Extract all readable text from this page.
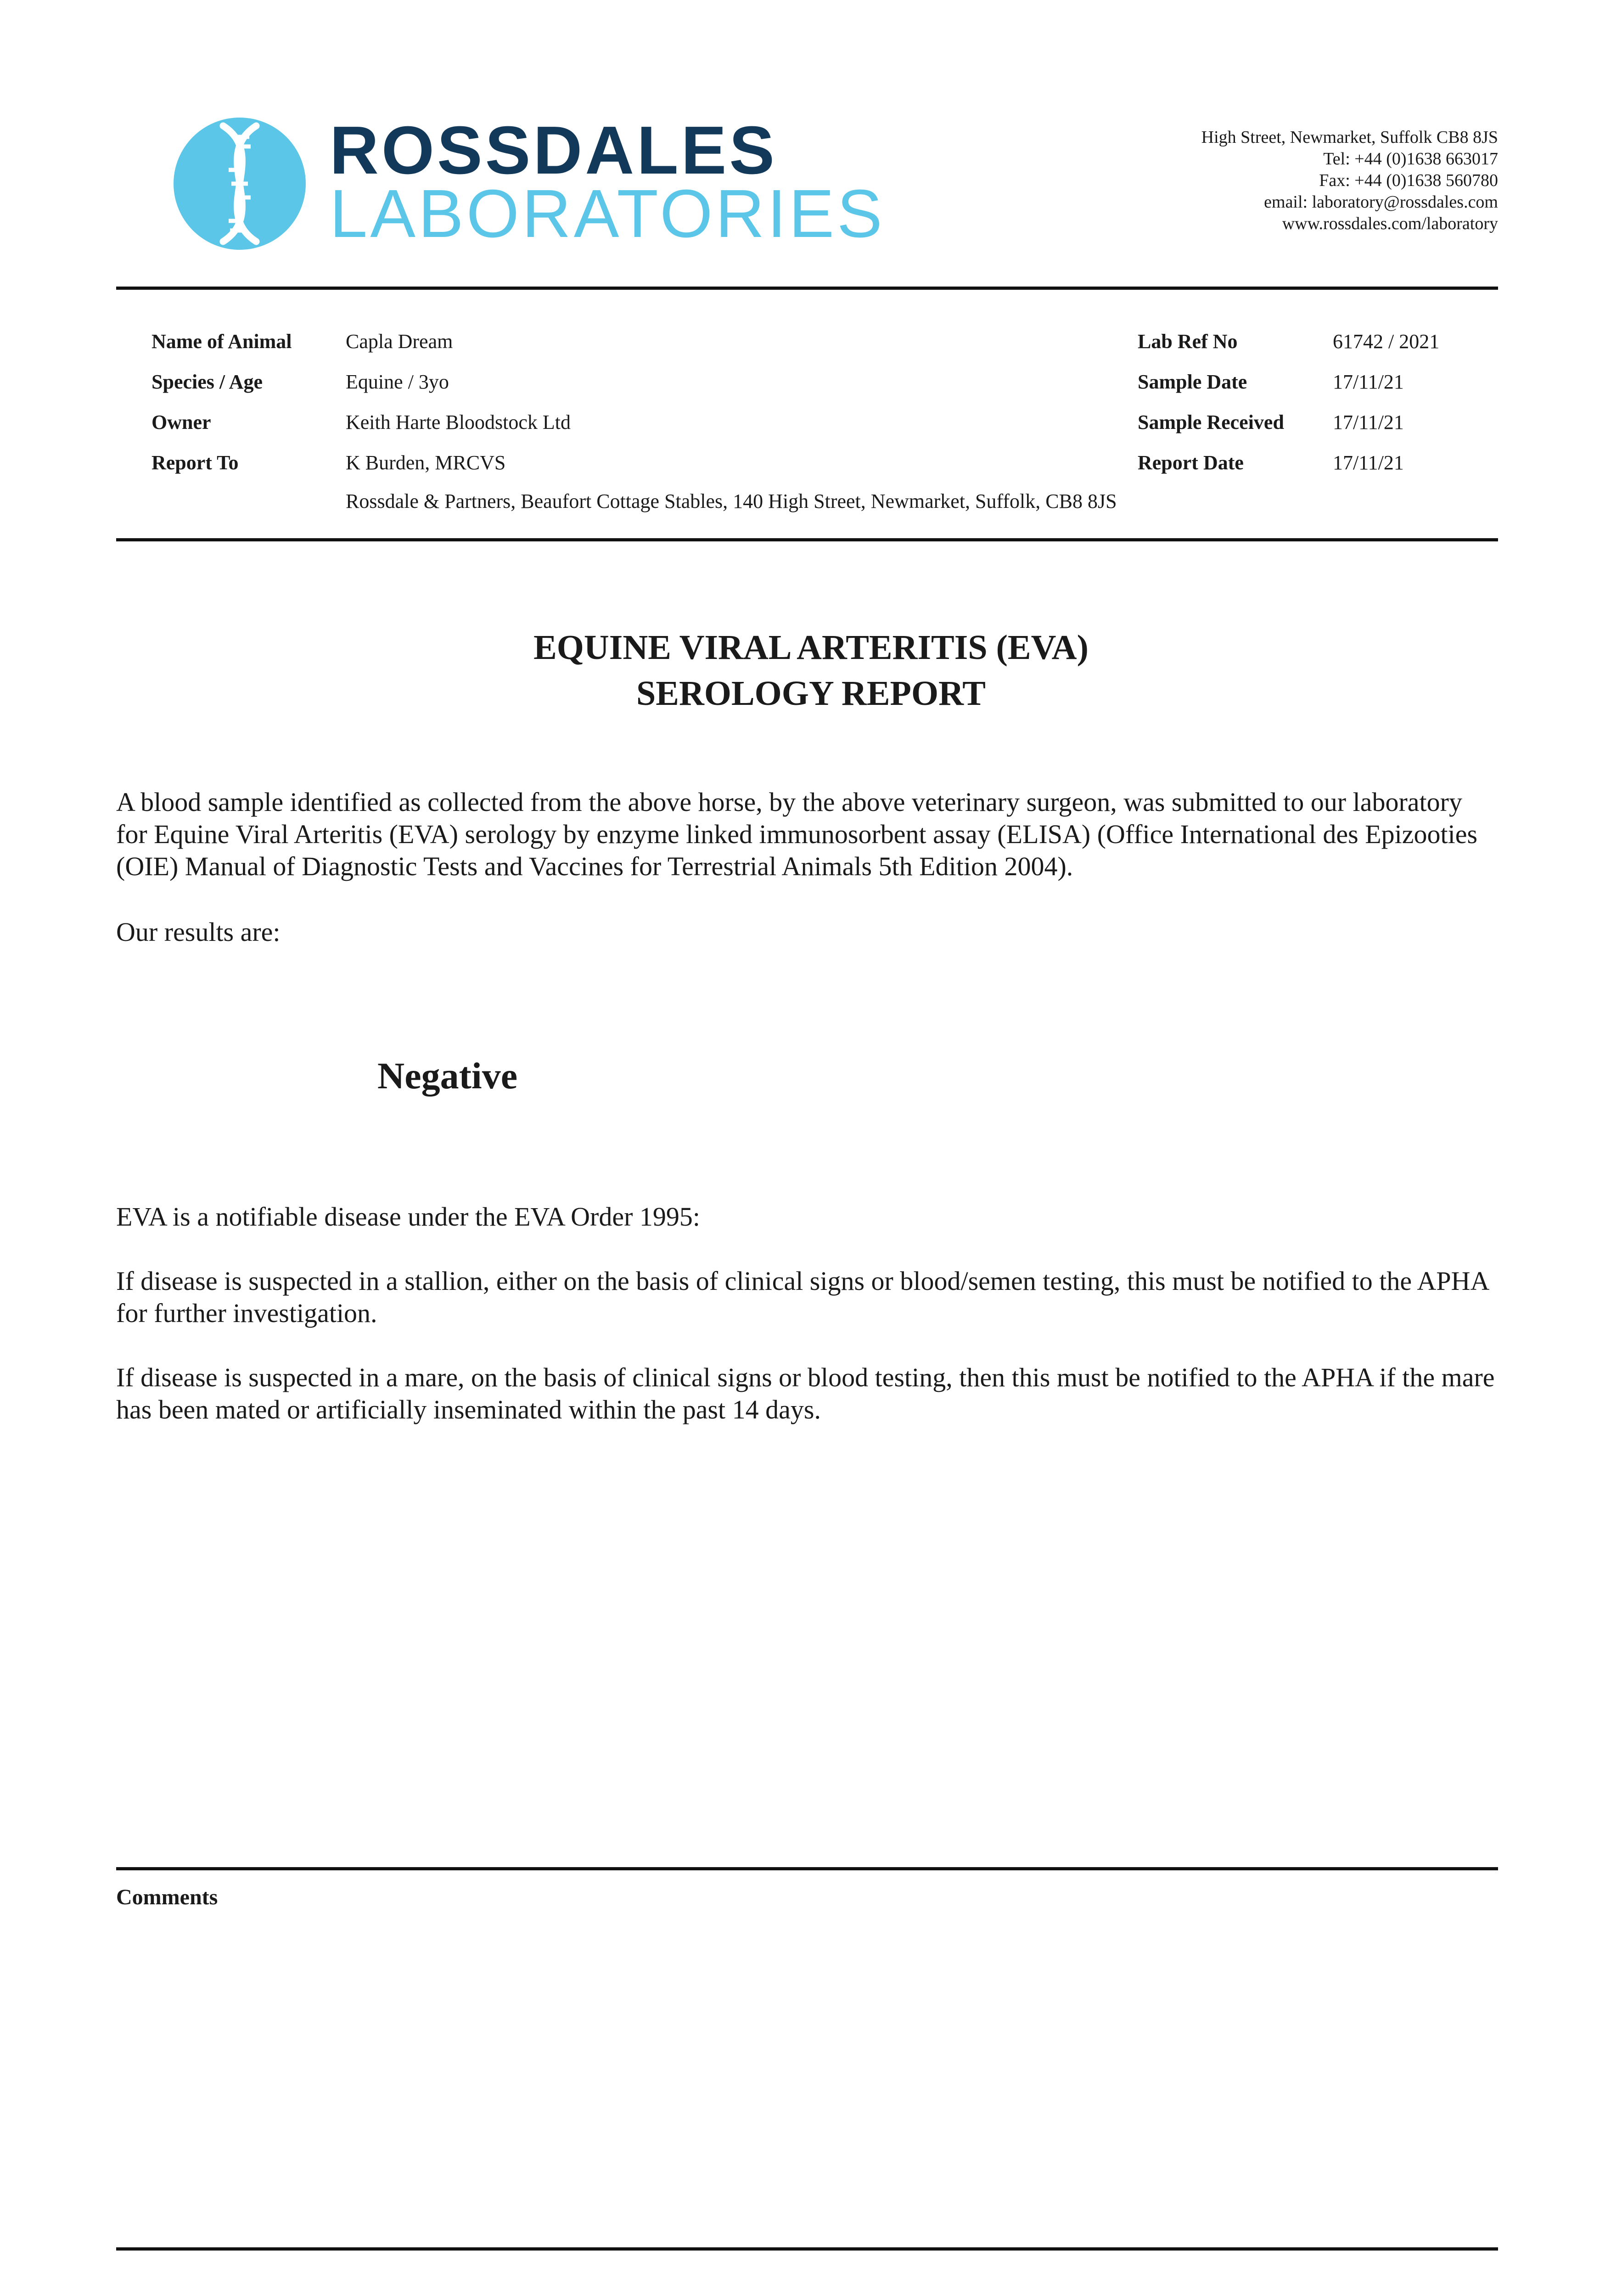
ROSSDALES
LABORATORIES
High Street, Newmarket, Suffolk CB8 8JS
Tel: +44 (0)1638 663017
Fax: +44 (0)1638 560780
email: laboratory@rossdales.com
www.rossdales.com/laboratory
Name of Animal	Capla Dream
Species / Age	Equine / 3yo
Owner	Keith Harte Bloodstock Ltd
Report To	K Burden, MRCVS
Rossdale & Partners, Beaufort Cottage Stables, 140 High Street, Newmarket, Suffolk, CB8 8JS
Lab Ref No	61742 / 2021
Sample Date	17/11/21
Sample Received 17/11/21
Report Date	17/11/21
EQUINE VIRAL ARTERITIS (EVA)
SEROLOGY REPORT
A blood sample identified as collected from the above horse, by the above veterinary surgeon, was submitted to our laboratory for Equine Viral Arteritis (EVA) serology by enzyme linked immunosorbent assay (ELISA) (Office International des Epizooties (OIE) Manual of Diagnostic Tests and Vaccines for Terrestrial Animals 5th Edition 2004).
Our results are:
Negative
EVA is a notifiable disease under the EVA Order 1995:
If disease is suspected in a stallion, either on the basis of clinical signs or blood/semen testing, this must be notified to the APHA for further investigation.
If disease is suspected in a mare, on the basis of clinical signs or blood testing, then this must be notified to the APHA if the mare has been mated or artificially inseminated within the past 14 days.
Comments
